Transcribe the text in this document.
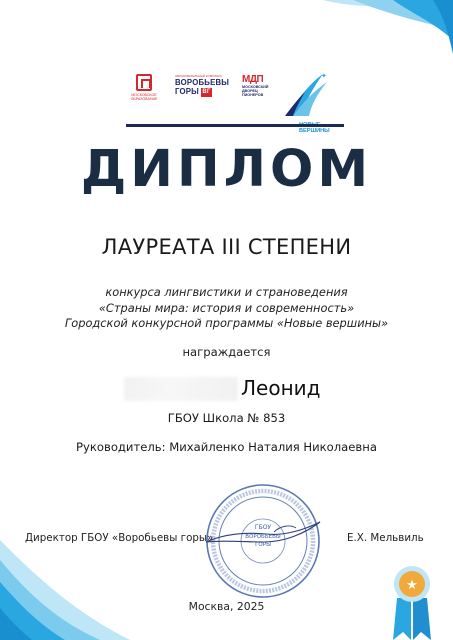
МОСКОВСКОЕ ОБРАЗОВАНИЕ
ОБРАЗОВАТЕЛЬНЫЙ КОМПЛЕКС
ВОРОБЬЕВЫ
ГОРЫ ВГ
МДП
МОСКОВСКИЙ
ДВОРЕЦ
ПИОНЕРОВ
✦
ВЕРШИНЫ
ДИПЛОМ
ЛАУРЕАТА III СТЕПЕНИ
конкурса лингвистики и страноведения
«Страны мира: история и современность»
Городской конкурсной программы «Новые вершины»
награждается
Леонид
ГБОУ Школа № 853
Руководитель: Михайленко Наталия Николаевна
ГБОУ
ВОРОБЬЕВЫ
ГОРЫ
Директор ГБОУ «Воробьевы горы»	Е.Х. Мельвиль
Москва, 2025
★
